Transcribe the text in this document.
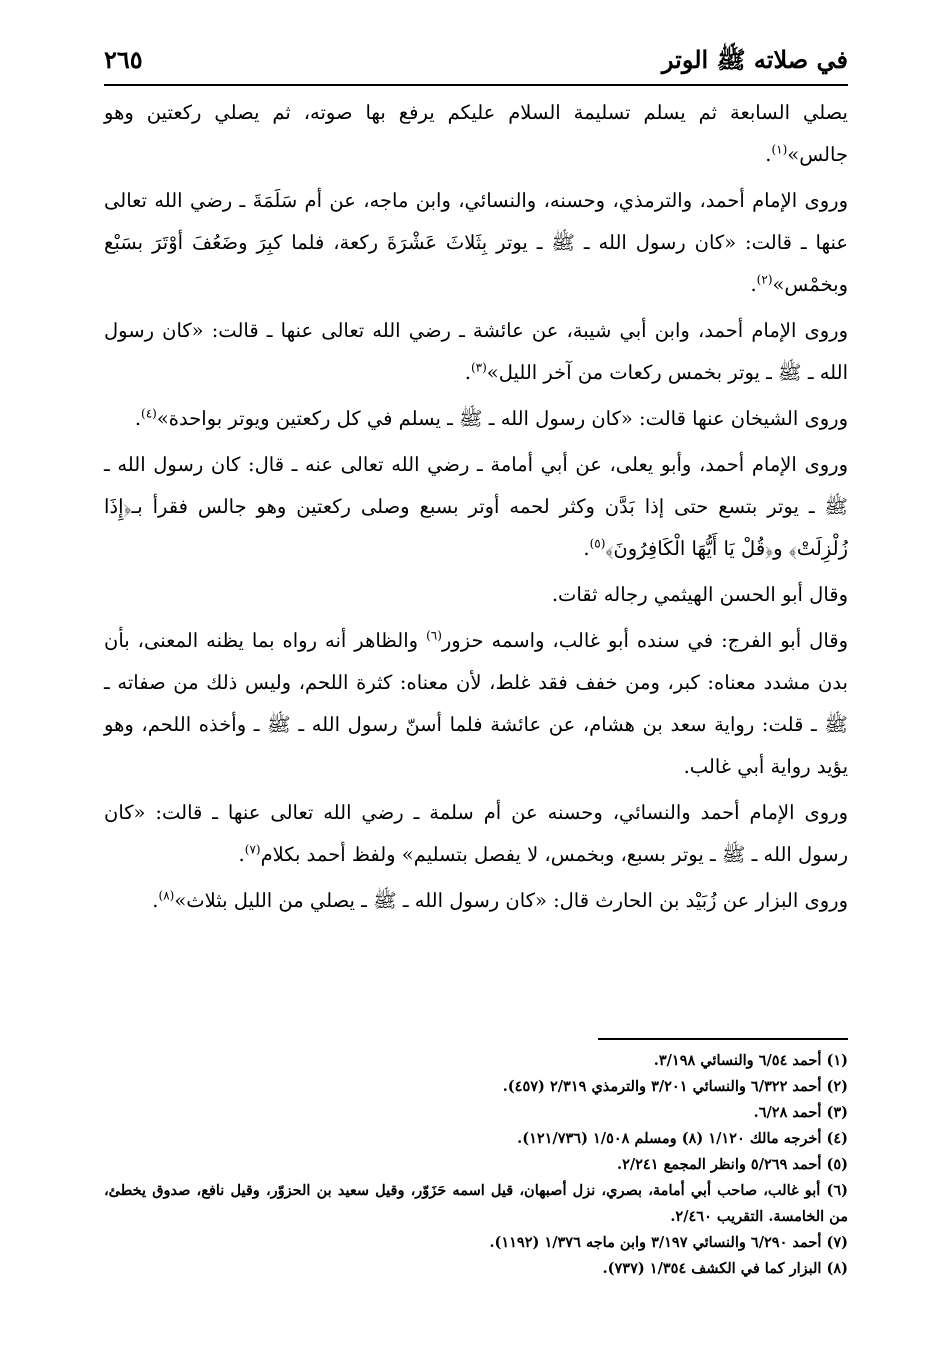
في صلاته ﷺ الوتر
٢٦٥

يصلي السابعة ثم يسلم تسليمة السلام عليكم يرفع بها صوته، ثم يصلي ركعتين وهو جالس»$^{(١)}$.

وروى الإمام أحمد، والترمذي، وحسنه، والنسائي، وابن ماجه، عن أم سَلَمَةَ ـ رضي الله تعالى عنها ـ قالت: «كان رسول الله ـ ﷺ ـ يوتر بِثَلاثَ عَشْرَةَ ركعة، فلما كبِرَ وضَعُفَ أوْتَرَ بسَبْع وبخمْس»$^{(٢)}$.

وروى الإمام أحمد، وابن أبي شيبة، عن عائشة ـ رضي الله تعالى عنها ـ قالت: «كان رسول الله ـ ﷺ ـ يوتر بخمس ركعات من آخر الليل»$^{(٣)}$.

وروى الشيخان عنها قالت: «كان رسول الله ـ ﷺ ـ يسلم في كل ركعتين ويوتر بواحدة»$^{(٤)}$.

وروى الإمام أحمد، وأبو يعلى، عن أبي أمامة ـ رضي الله تعالى عنه ـ قال: كان رسول الله ـ ﷺ ـ يوتر بتسع حتى إذا بَدَّن وكثر لحمه أوتر بسبع وصلى ركعتين وهو جالس فقرأ بـ﴿إِذَا زُلْزِلَتْ﴾ و﴿قُلْ يَا أَيُّهَا الْكَافِرُونَ﴾$^{(٥)}$.

وقال أبو الحسن الهيثمي رجاله ثقات.

وقال أبو الفرج: في سنده أبو غالب، واسمه حزور$^{(٦)}$ والظاهر أنه رواه بما يظنه المعنى، بأن بدن مشدد معناه: كبر، ومن خفف فقد غلط، لأن معناه: كثرة اللحم، وليس ذلك من صفاته ـ ﷺ ـ قلت: رواية سعد بن هشام، عن عائشة فلما أسنّ رسول الله ـ ﷺ ـ وأخذه اللحم، وهو يؤيد رواية أبي غالب.

وروى الإمام أحمد والنسائي، وحسنه عن أم سلمة ـ رضي الله تعالى عنها ـ قالت: «كان رسول الله ـ ﷺ ـ يوتر بسبع، وبخمس، لا يفصل بتسليم» ولفظ أحمد بكلام$^{(٧)}$.

وروى البزار عن زُبَيْد بن الحارث قال: «كان رسول الله ـ ﷺ ـ يصلي من الليل بثلاث»$^{(٨)}$.

(١) أحمد ٦/٥٤ والنسائي ٣/١٩٨.

(٢) أحمد ٦/٣٢٢ والنسائي ٣/٢٠١ والترمذي ٢/٣١٩ (٤٥٧).

(٣) أحمد ٦/٢٨.

(٤) أخرجه مالك ١/١٢٠ (٨) ومسلم ١/٥٠٨ (١٢١/٧٣٦).

(٥) أحمد ٥/٢٦٩ وانظر المجمع ٢/٢٤١.

(٦) أبو غالب، صاحب أبي أمامة، بصري، نزل أصبهان، قيل اسمه حَزَوّر، وقيل سعيد بن الحزوّر، وقيل نافع، صدوق يخطئ، من الخامسة. التقريب ٢/٤٦٠.

(٧) أحمد ٦/٢٩٠ والنسائي ٣/١٩٧ وابن ماجه ١/٣٧٦ (١١٩٢).

(٨) البزار كما في الكشف ١/٣٥٤ (٧٣٧).
